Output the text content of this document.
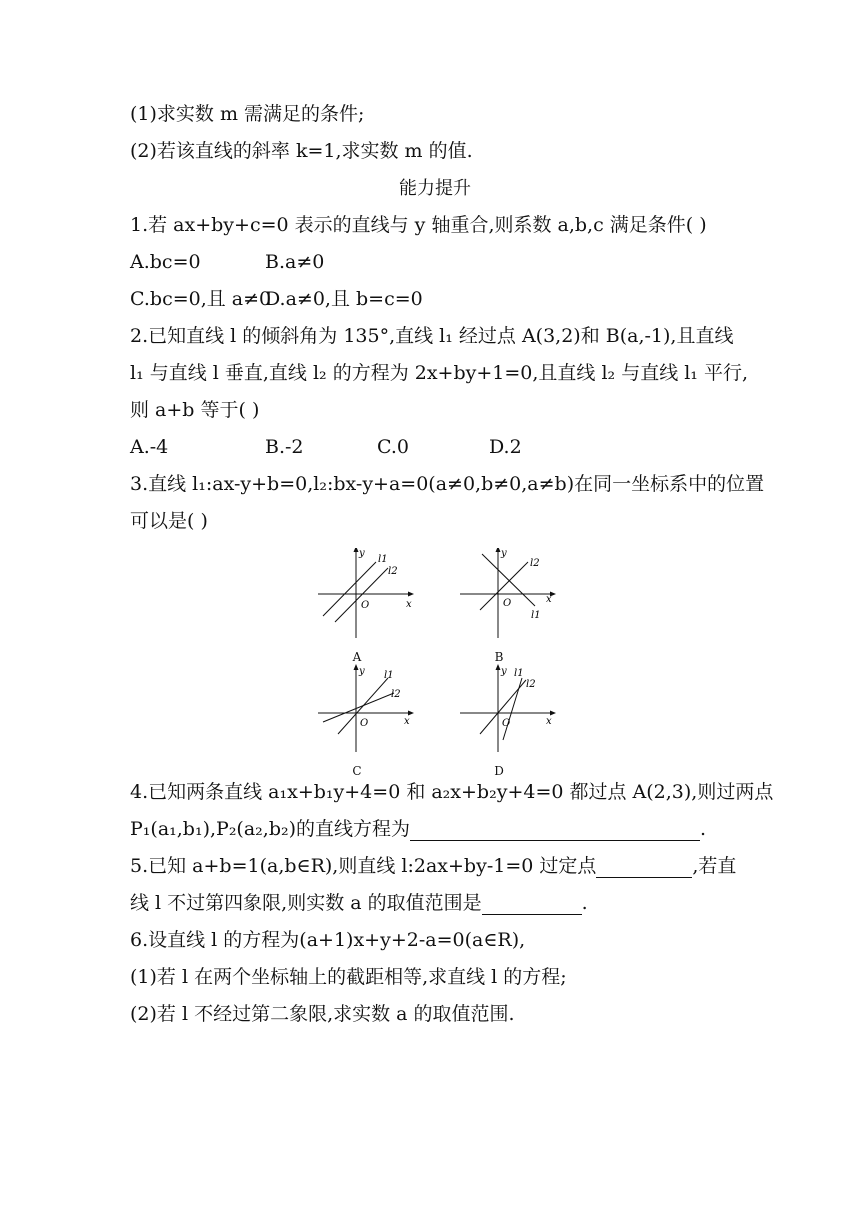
(1)求实数 m 需满足的条件;
(2)若该直线的斜率 k=1,求实数 m 的值.
能力提升
1.若 ax+by+c=0 表示的直线与 y 轴重合,则系数 a,b,c 满足条件( )
A.bc=0	B.a≠0
C.bc=0,且 a≠0D.a≠0,且 b=c=0
2.已知直线 l 的倾斜角为 135°,直线 l₁ 经过点 A(3,2)和 B(a,-1),且直线
l₁ 与直线 l 垂直,直线 l₂ 的方程为 2x+by+1=0,且直线 l₂ 与直线 l₁ 平行,
则 a+b 等于( )
A.-4	B.-2	C.0	D.2
3.直线 l₁:ax-y+b=0,l₂:bx-y+a=0(a≠0,b≠0,a≠b)在同一坐标系中的位置
可以是( )
y
x
O
l1
l2
A
y
x
O
l1
l2
B
y
x
O
l1
l2
C
y
x
O
l1
l2
D
4.已知两条直线 a₁x+b₁y+4=0 和 a₂x+b₂y+4=0 都过点 A(2,3),则过两点
P₁(a₁,b₁),P₂(a₂,b₂)的直线方程为	.
5.已知 a+b=1(a,b∈R),则直线 l:2ax+by-1=0 过定点	,若直
线 l 不过第四象限,则实数 a 的取值范围是	.
6.设直线 l 的方程为(a+1)x+y+2-a=0(a∈R),
(1)若 l 在两个坐标轴上的截距相等,求直线 l 的方程;
(2)若 l 不经过第二象限,求实数 a 的取值范围.
